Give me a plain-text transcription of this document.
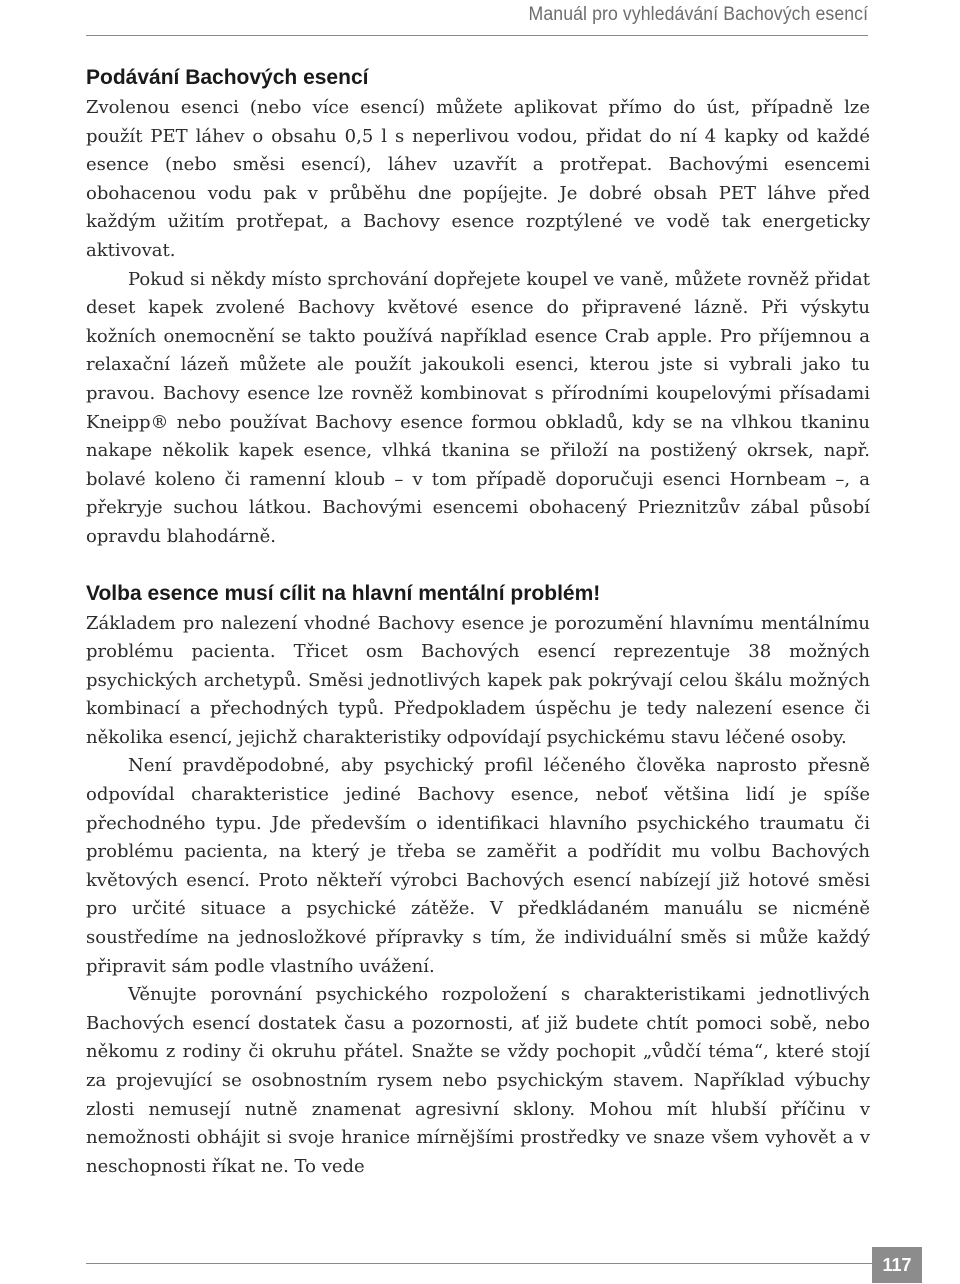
Manuál pro vyhledávání Bachových esencí
Podávání Bachových esencí

Zvolenou esenci (nebo více esencí) můžete aplikovat přímo do úst, případně lze použít PET láhev o obsahu 0,5 l s neperlivou vodou, přidat do ní 4 kapky od každé esence (nebo směsi esencí), láhev uzavřít a protřepat. Bachovými esencemi obohacenou vodu pak v průběhu dne popíjejte. Je dobré obsah PET láhve před každým užitím protřepat, a Bachovy esence rozptýlené ve vodě tak energeticky aktivovat.

Pokud si někdy místo sprchování dopřejete koupel ve vaně, můžete rovněž přidat deset kapek zvolené Bachovy květové esence do připravené lázně. Při výskytu kožních onemocnění se takto používá například esence Crab apple. Pro příjemnou a relaxační lázeň můžete ale použít jakoukoli esenci, kterou jste si vybrali jako tu pravou. Bachovy esence lze rovněž kombinovat s přírodními koupelovými přísadami Kneipp® nebo používat Bachovy esence formou obkladů, kdy se na vlhkou tkaninu nakape několik kapek esence, vlhká tkanina se přiloží na postižený okrsek, např. bolavé koleno či ramenní kloub – v tom případě doporučuji esenci Hornbeam –, a překryje suchou látkou. Bachovými esencemi obohacený Prieznitzův zábal působí opravdu blahodárně.

Volba esence musí cílit na hlavní mentální problém!

Základem pro nalezení vhodné Bachovy esence je porozumění hlavnímu mentálnímu problému pacienta. Třicet osm Bachových esencí reprezentuje 38 možných psychických archetypů. Směsi jednotlivých kapek pak pokrývají celou škálu možných kombinací a přechodných typů. Předpokladem úspěchu je tedy nalezení esence či několika esencí, jejichž charakteristiky odpovídají psychickému stavu léčené osoby.

Není pravděpodobné, aby psychický profil léčeného člověka naprosto přesně odpovídal charakteristice jediné Bachovy esence, neboť většina lidí je spíše přechodného typu. Jde především o identifikaci hlavního psychického traumatu či problému pacienta, na který je třeba se zaměřit a podřídit mu volbu Bachových květových esencí. Proto někteří výrobci Bachových esencí nabízejí již hotové směsi pro určité situace a psychické zátěže. V předkládaném manuálu se nicméně soustředíme na jednosložkové přípravky s tím, že individuální směs si může každý připravit sám podle vlastního uvážení.

Věnujte porovnání psychického rozpoložení s charakteristikami jednotlivých Bachových esencí dostatek času a pozornosti, ať již budete chtít pomoci sobě, nebo někomu z rodiny či okruhu přátel. Snažte se vždy pochopit „vůdčí téma“, které stojí za projevující se osobnostním rysem nebo psychickým stavem. Například výbuchy zlosti nemusejí nutně znamenat agresivní sklony. Mohou mít hlubší příčinu v nemožnosti obhájit si svoje hranice mírnějšími prostředky ve snaze všem vyhovět a v neschopnosti říkat ne. To vede

117
